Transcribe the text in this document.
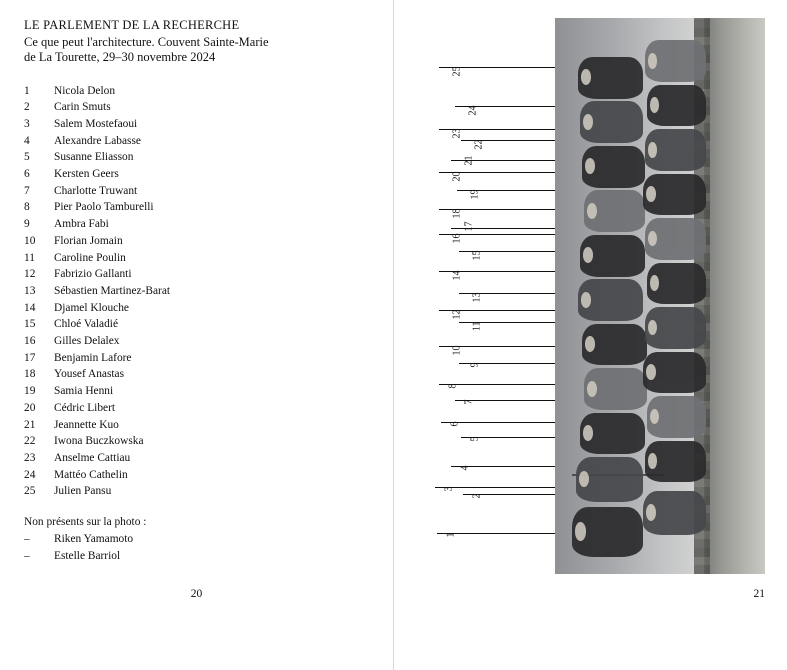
LE PARLEMENT DE LA RECHERCHE
Ce que peut l'architecture. Couvent Sainte-Marie
de La Tourette, 29–30 novembre 2024
1	Nicola Delon
2	Carin Smuts
3	Salem Mostefaoui
4	Alexandre Labasse
5	Susanne Eliasson
6	Kersten Geers
7	Charlotte Truwant
8	Pier Paolo Tamburelli
9	Ambra Fabi
10	Florian Jomain
11	Caroline Poulin
12	Fabrizio Gallanti
13	Sébastien Martinez-Barat
14	Djamel Klouche
15	Chloé Valadié
16	Gilles Delalex
17	Benjamin Lafore
18	Yousef Anastas
19	Samia Henni
20	Cédric Libert
21	Jeannette Kuo
22	Iwona Buczkowska
23	Anselme Cattiau
24	Mattéo Cathelin
25	Julien Pansu
Non présents sur la photo :
–	Riken Yamamoto
–	Estelle Barriol
20
1
2
3
4
5
6
7
8
9
10
11
12
13
14
15
16
17
18
19
20
21
22
23
24
25
21
